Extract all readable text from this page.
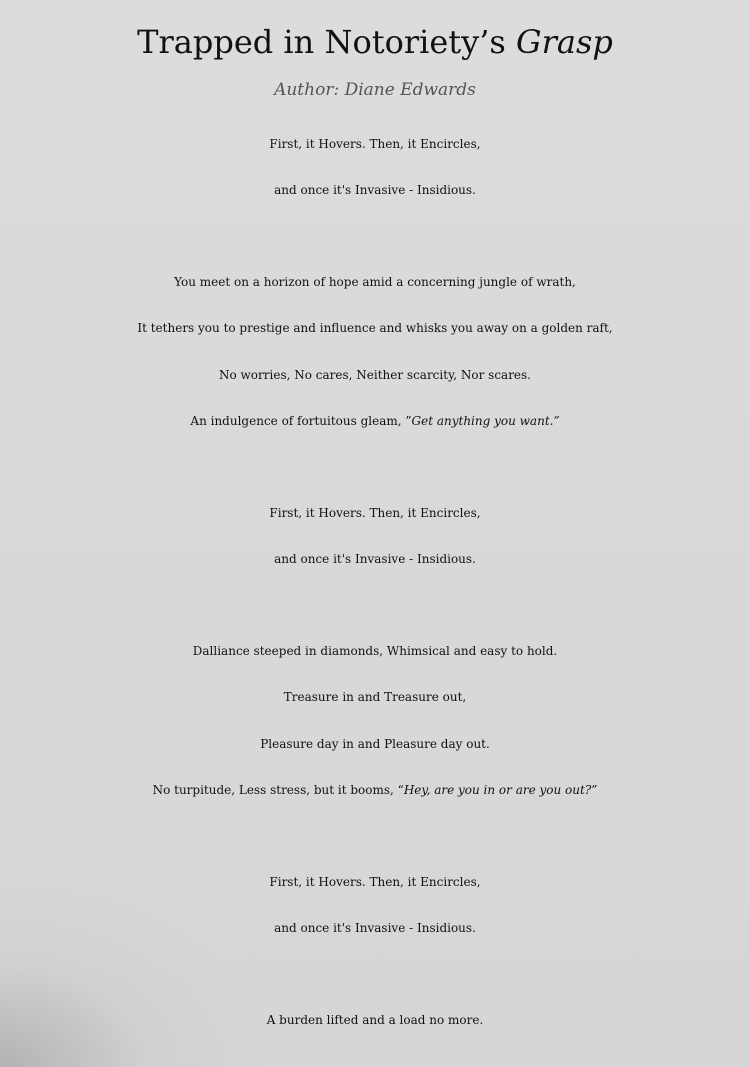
Trapped in Notoriety’s Grasp
Author: Diane Edwards
First, it Hovers. Then, it Encircles,
and once it's Invasive - Insidious.
You meet on a horizon of hope amid a concerning jungle of wrath,
It tethers you to prestige and influence and whisks you away on a golden raft,
No worries, No cares, Neither scarcity, Nor scares.
An indulgence of fortuitous gleam, ”Get anything you want.”
First, it Hovers. Then, it Encircles,
and once it's Invasive - Insidious.
Dalliance steeped in diamonds, Whimsical and easy to hold.
Treasure in and Treasure out,
Pleasure day in and Pleasure day out.
No turpitude, Less stress, but it booms, “Hey, are you in or are you out?”
First, it Hovers. Then, it Encircles,
and once it's Invasive - Insidious.
A burden lifted and a load no more.
